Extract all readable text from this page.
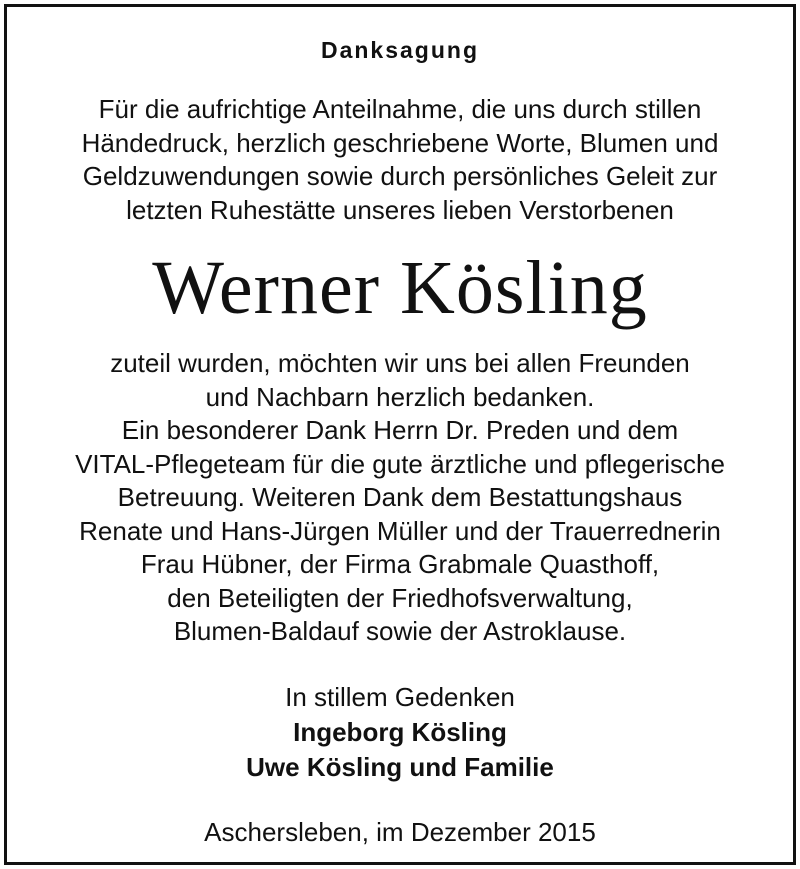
Danksagung
Für die aufrichtige Anteilnahme, die uns durch stillen
Händedruck, herzlich geschriebene Worte, Blumen und
Geldzuwendungen sowie durch persönliches Geleit zur
letzten Ruhestätte unseres lieben Verstorbenen
Werner Kösling
zuteil wurden, möchten wir uns bei allen Freunden
und Nachbarn herzlich bedanken.
Ein besonderer Dank Herrn Dr. Preden und dem
VITAL-Pflegeteam für die gute ärztliche und pflegerische
Betreuung. Weiteren Dank dem Bestattungshaus
Renate und Hans-Jürgen Müller und der Trauerrednerin
Frau Hübner, der Firma Grabmale Quasthoff,
den Beteiligten der Friedhofsverwaltung,
Blumen-Baldauf sowie der Astroklause.
In stillem Gedenken
Ingeborg Kösling
Uwe Kösling und Familie
Aschersleben, im Dezember 2015
